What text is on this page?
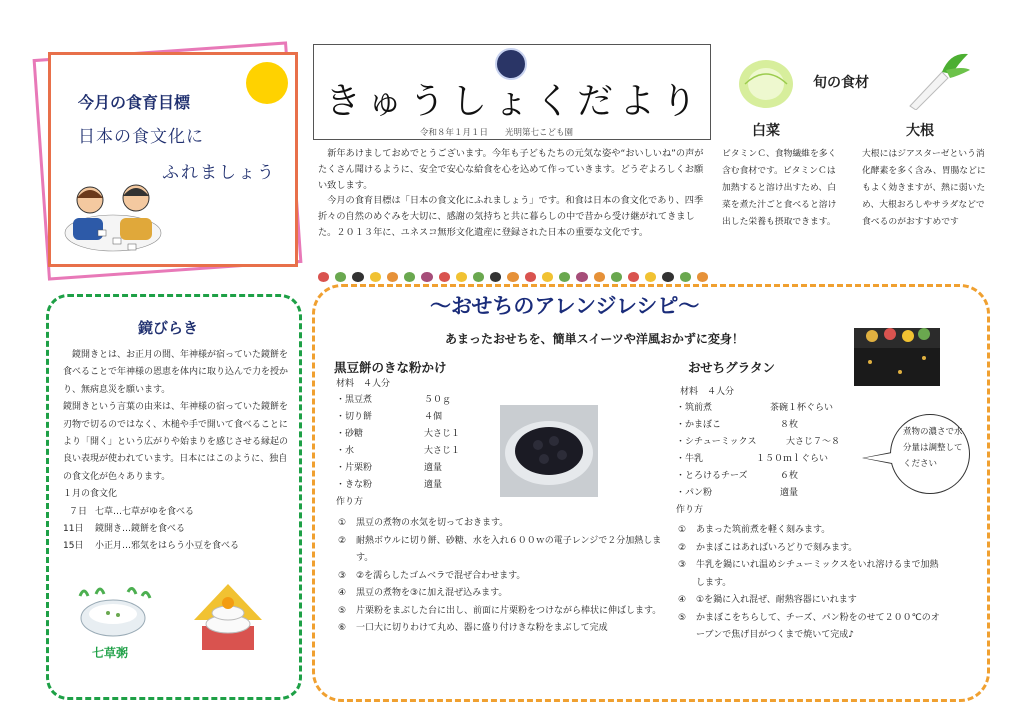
今月の食育目標
日本の食文化に
ふれましょう
きゅうしょくだより
令和８年１月１日　　光明第七こども園

新年あけましておめでとうございます。今年も子どもたちの元気な姿や“おいしいね”の声がたくさん聞けるように、安全で安心な給食を心を込めて作っていきます。どうぞよろしくお願い致します。

今月の食育目標は「日本の食文化にふれましょう」です。和食は日本の食文化であり、四季折々の自然のめぐみを大切に、感謝の気持ちと共に暮らしの中で昔から受け継がれてきました。２０１３年に、ユネスコ無形文化遺産に登録された日本の重要な文化です。

旬の食材
白菜
ビタミンＣ、食物繊維を多く含む食材です。ビタミンＣは加熱すると溶け出すため、白菜を煮た汁ごと食べると溶け出した栄養も摂取できます。
大根
大根にはジアスターゼという消化酵素を多く含み、胃腸などにもよく効きますが、熱に弱いため、大根おろしやサラダなどで食べるのがおすすめです
鏡びらき

鏡開きとは、お正月の間、年神様が宿っていた鏡餅を食べることで年神様の恩恵を体内に取り込んで力を授かり、無病息災を願います。

鏡開きという言葉の由来は、年神様の宿っていた鏡餅を刃物で切るのではなく、木槌や手で開いて食べることにより「開く」という広がりや始まりを感じさせる縁起の良い表現が使われています。日本にはこのように、独自の食文化が色々あります。

１月の食文化

７日	七草…七草がゆを食べる
11日	鏡開き…鏡餅を食べる
15日	小正月…邪気をはらう小豆を食べる
七草粥
～おせちのアレンジレシピ～
あまったおせちを、簡単スイーツや洋風おかずに変身！
黒豆餅のきな粉かけ
材料　４人分
・黒豆煮	５０ｇ
・切り餅	４個
・砂糖	大さじ１
・水	大さじ１
・片栗粉	適量
・きな粉	適量
作り方
①	黒豆の煮物の水気を切っておきます。
②	耐熱ボウルに切り餅、砂糖、水を入れ６００ｗの電子レンジで２分加熱します。
③	②を濡らしたゴムベラで混ぜ合わせます。
④	黒豆の煮物を③に加え混ぜ込みます。
⑤	片栗粉をまぶした台に出し、前面に片栗粉をつけながら棒状に伸ばします。
⑥	一口大に切りわけて丸め、器に盛り付けきな粉をまぶして完成
おせちグラタン
材料　４人分
・筑前煮	茶碗１杯ぐらい
・かまぼこ	８枚
・シチューミックス	大さじ７～８
・牛乳	１５０ｍｌぐらい
・とろけるチーズ	６枚
・パン粉	適量
作り方
煮物の濃さで水分量は調整してください
①	あまった筑前煮を軽く刻みます。
②	かまぼこはあればいろどりで刻みます。
③	牛乳を鍋にいれ温めシチューミックスをいれ溶けるまで加熱します。
④	①を鍋に入れ混ぜ、耐熱容器にいれます
⑤	かまぼこをちらして、チーズ、パン粉をのせて２００℃のオーブンで焦げ目がつくまで焼いて完成♪
